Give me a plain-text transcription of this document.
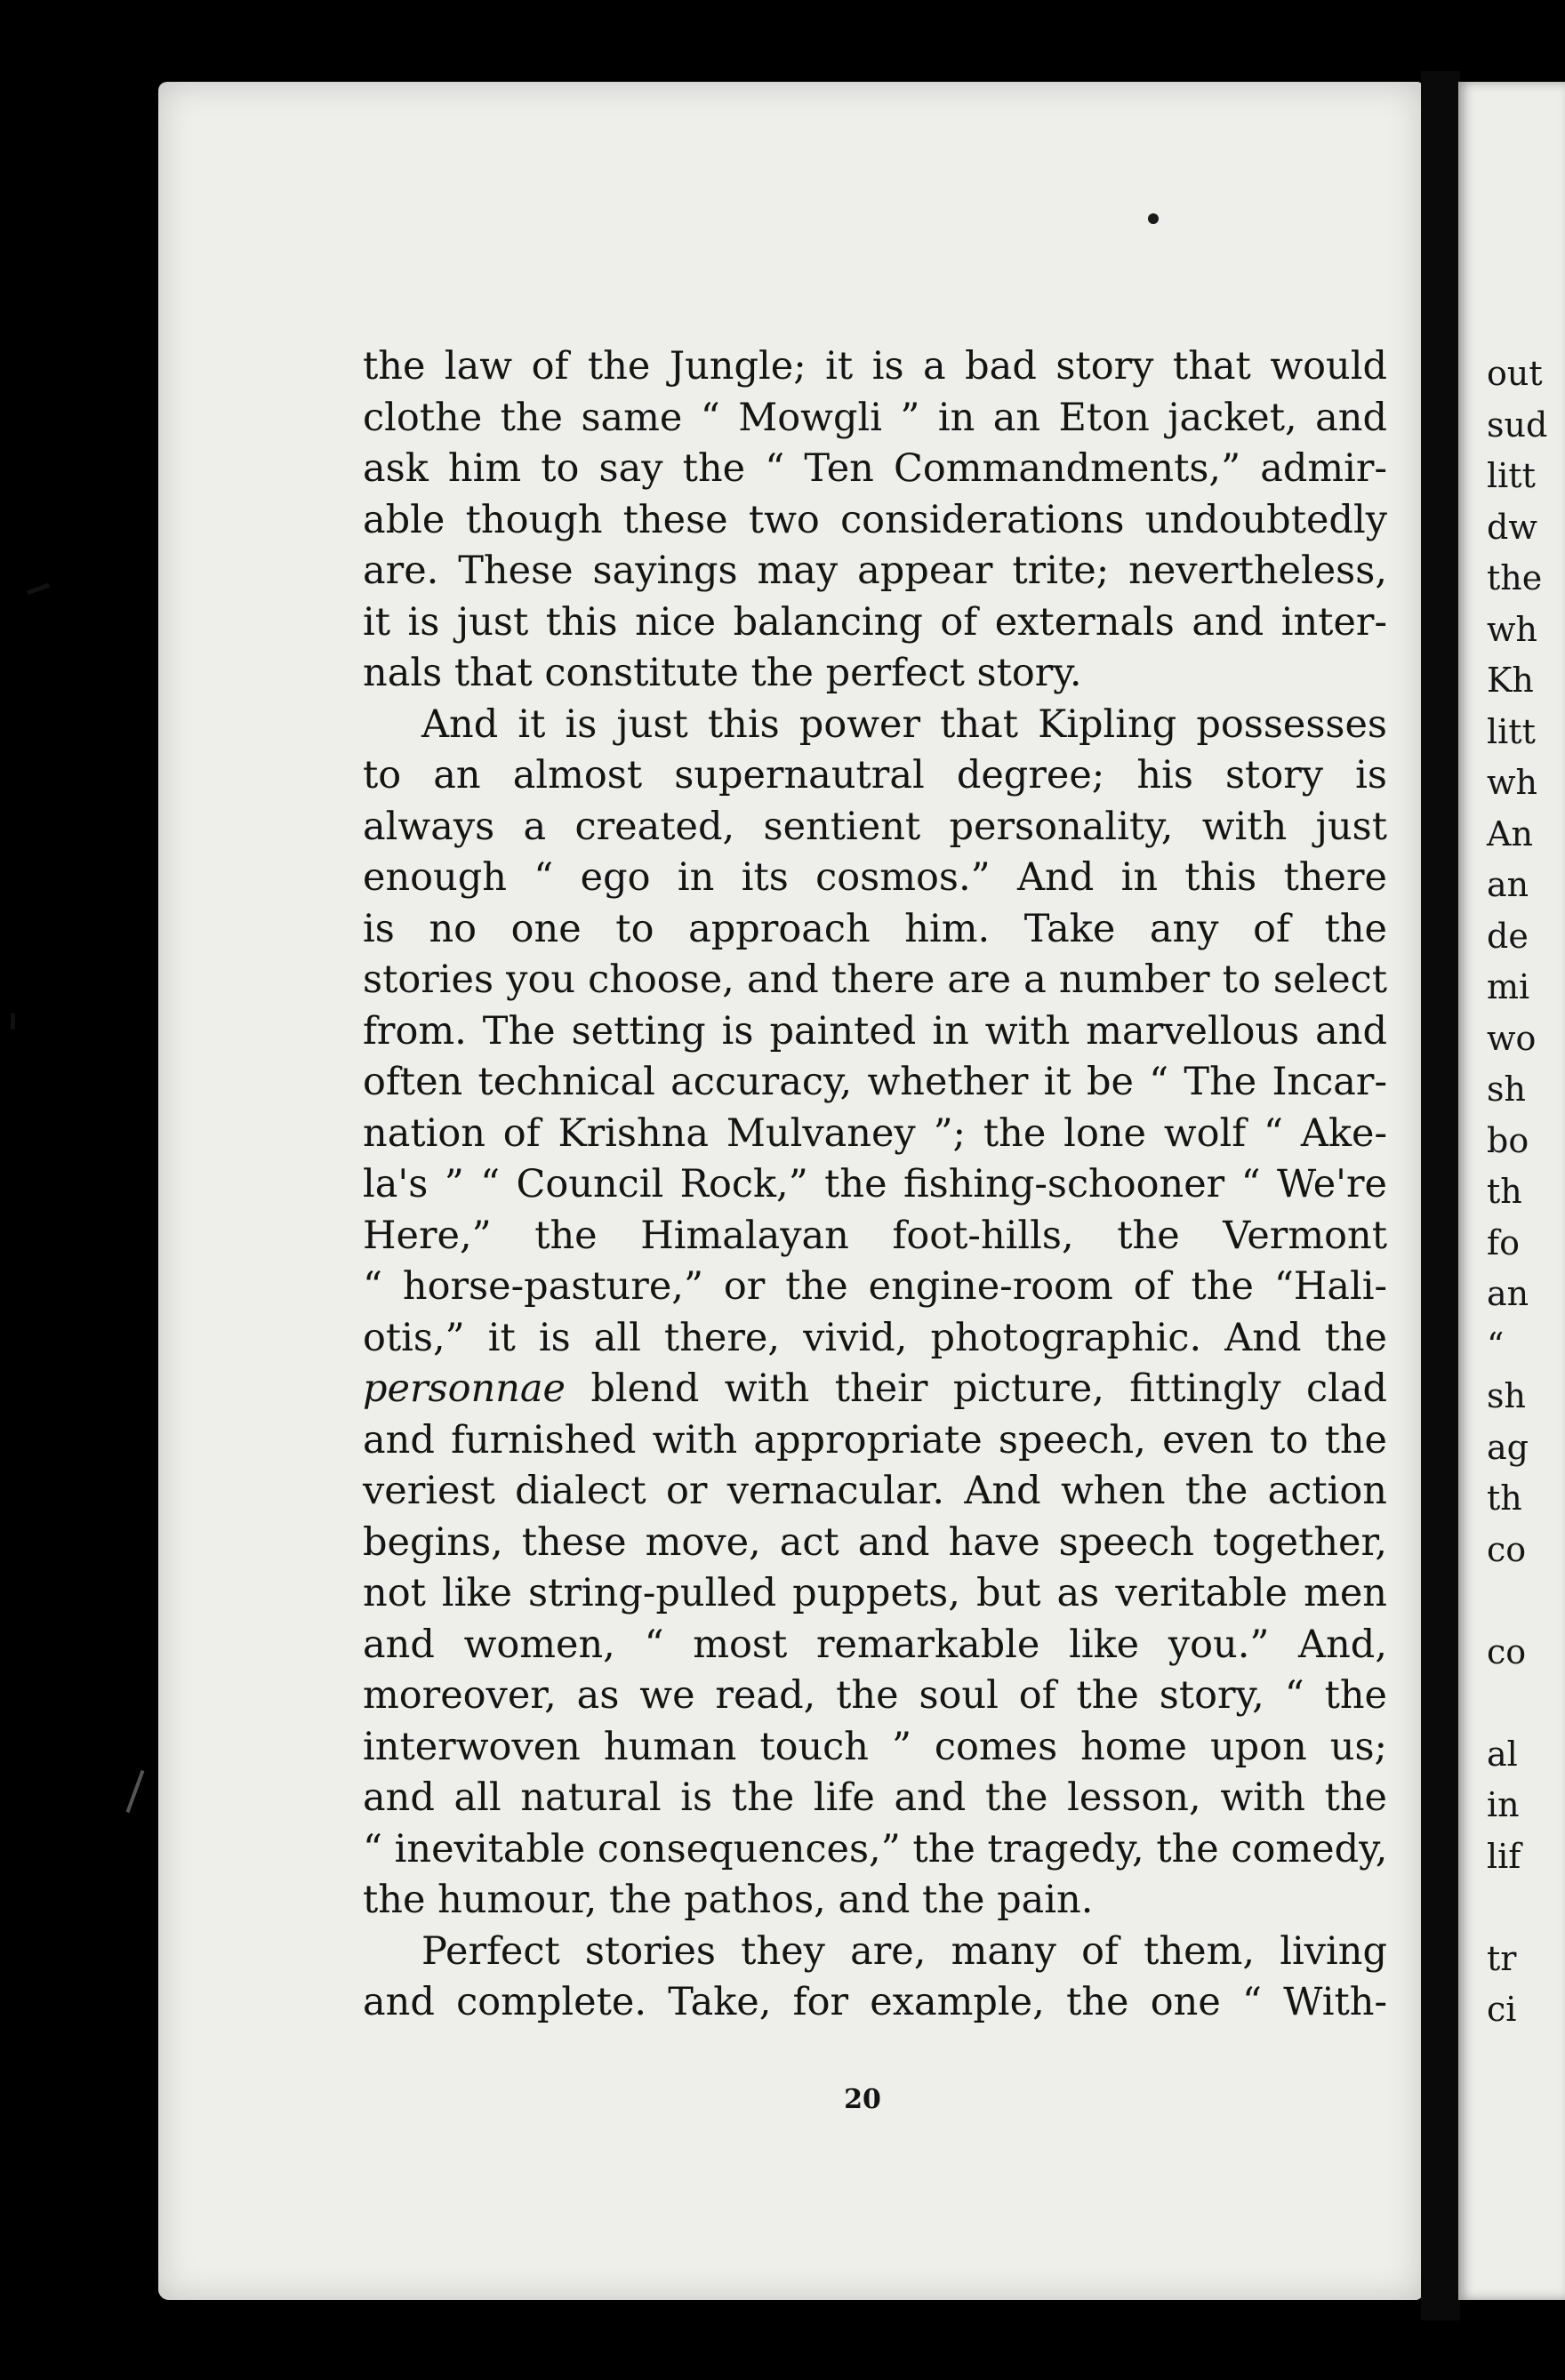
the law of the Jungle; it is a bad story that would
clothe the same “ Mowgli ” in an Eton jacket, and
ask him to say the “ Ten Commandments,” admir-
able though these two considerations undoubtedly
are. These sayings may appear trite; nevertheless,
it is just this nice balancing of externals and inter-
nals that constitute the perfect story.
And it is just this power that Kipling possesses
to an almost supernautral degree; his story is
always a created, sentient personality, with just
enough “ ego in its cosmos.” And in this there
is no one to approach him. Take any of the
stories you choose, and there are a number to select
from. The setting is painted in with marvellous and
often technical accuracy, whether it be “ The Incar-
nation of Krishna Mulvaney ”; the lone wolf “ Ake-
la's ” “ Council Rock,” the fishing-schooner “ We're
Here,” the Himalayan foot-hills, the Vermont
“ horse-pasture,” or the engine-room of the “Hali-
otis,” it is all there, vivid, photographic. And the
personnae blend with their picture, fittingly clad
and furnished with appropriate speech, even to the
veriest dialect or vernacular. And when the action
begins, these move, act and have speech together,
not like string-pulled puppets, but as veritable men
and women, “ most remarkable like you.” And,
moreover, as we read, the soul of the story, “ the
interwoven human touch ” comes home upon us;
and all natural is the life and the lesson, with the
“ inevitable consequences,” the tragedy, the comedy,
the humour, the pathos, and the pain.
Perfect stories they are, many of them, living
and complete. Take, for example, the one “ With-
20
out
sud
litt
dw
the
wh
Kh
litt
wh
An
an
de
mi
wo
sh
bo
th
fo
an
“
sh
ag
th
co

co

al
in
lif

tr
ci
